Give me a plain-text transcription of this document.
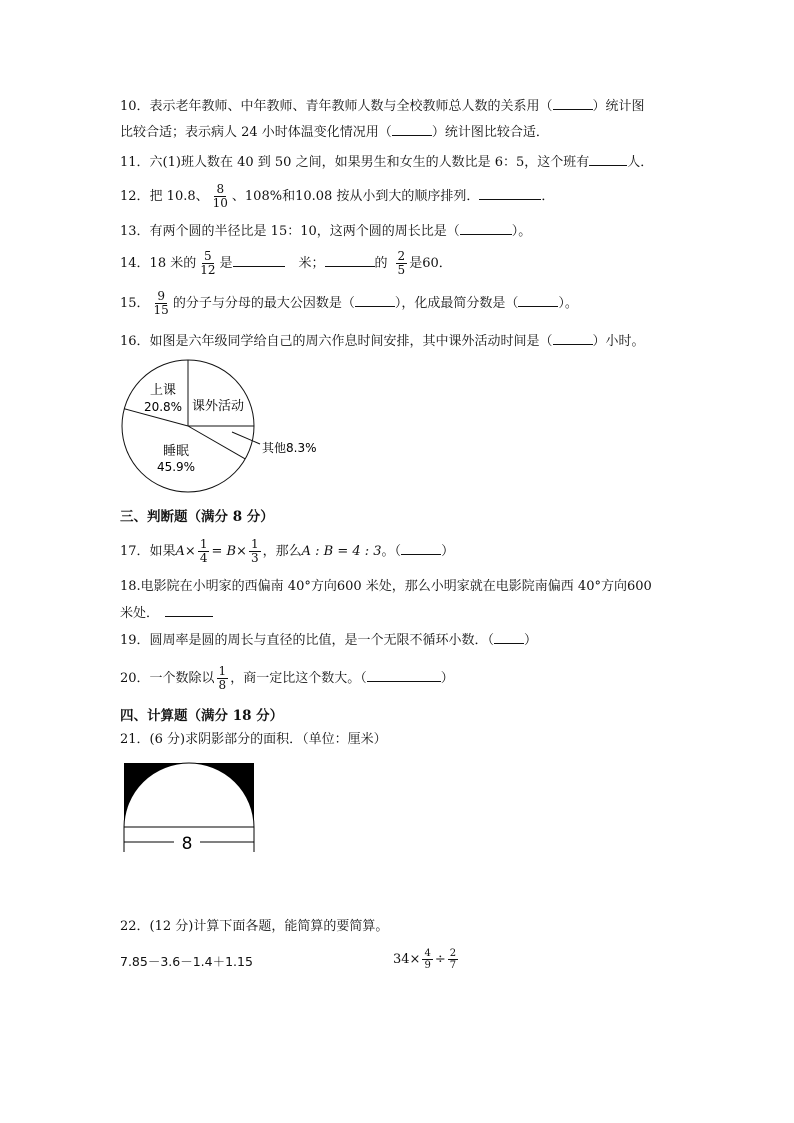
10．表示老年教师、中年教师、青年教师人数与全校教师总人数的关系用（	）统计图
比较合适；表示病人 24 小时体温变化情况用（	）统计图比较合适．
11．六(1)班人数在 40 到 50 之间，如果男生和女生的人数比是 6：5，这个班有	人．
12．把 10.8、 $\frac{8}{10}$ 、108%和10.08 按从小到大的顺序排列．	．
13．有两个圆的半径比是 15：10，这两个圆的周长比是（	）。
14．18 米的 $\frac{5}{12}$ 是	米；	的 $\frac{2}{5}$ 是60．
15． $\frac{9}{15}$ 的分子与分母的最大公因数是（	），化成最简分数是（	）。
16．如图是六年级同学给自己的周六作息时间安排，其中课外活动时间是（	）小时。
上课
20.8% 课外活动
其他8.3%
睡眠
45.9%
三、判断题（满分 8 分）
17．如果$A\times \frac{1}{4} = B\times \frac{1}{3}$ ，那么A : B = 4 : 3。（	）
18.电影院在小明家的西偏南 40°方向600 米处，那么小明家就在电影院南偏西 40°方向600
米处．
19．圆周率是圆的周长与直径的比值，是一个无限不循环小数．（ ）
20．一个数除以 $\frac{1}{8}$ ，商一定比这个数大。（	）
四、计算题（满分 18 分）
21．(6 分)求阴影部分的面积．（单位：厘米）
8
22．(12 分)计算下面各题，能简算的要简算。
7.85－3.6－1.4＋1.15	$34\times \frac{4}{9} \div \frac{2}{7}$
